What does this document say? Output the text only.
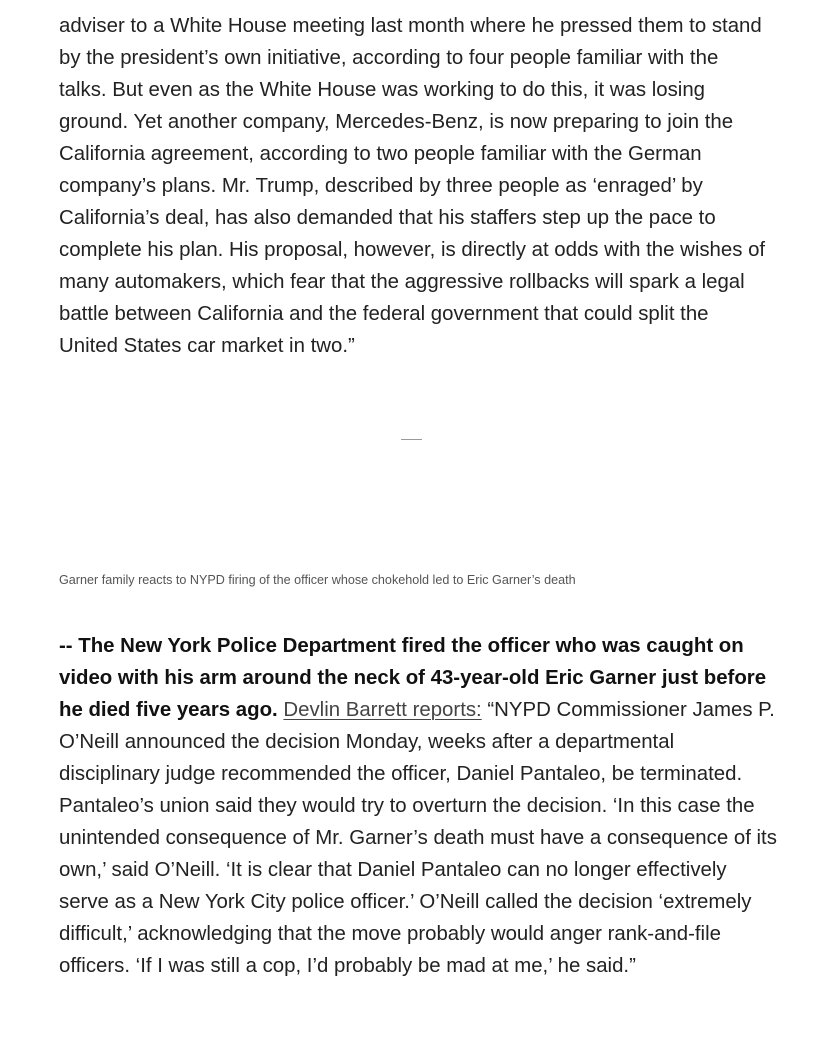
adviser to a White House meeting last month where he pressed them to stand by the president’s own initiative, according to four people familiar with the talks. But even as the White House was working to do this, it was losing ground. Yet another company, Mercedes-Benz, is now preparing to join the California agreement, according to two people familiar with the German company’s plans. Mr. Trump, described by three people as ‘enraged’ by California’s deal, has also demanded that his staffers step up the pace to complete his plan. His proposal, however, is directly at odds with the wishes of many automakers, which fear that the aggressive rollbacks will spark a legal battle between California and the federal government that could split the United States car market in two.”

Garner family reacts to NYPD firing of the officer whose chokehold led to Eric Garner’s death

-- The New York Police Department fired the officer who was caught on video with his arm around the neck of 43-year-old Eric Garner just before he died five years ago. Devlin Barrett reports: “NYPD Commissioner James P. O’Neill announced the decision Monday, weeks after a departmental disciplinary judge recommended the officer, Daniel Pantaleo, be terminated. Pantaleo’s union said they would try to overturn the decision. ‘In this case the unintended consequence of Mr. Garner’s death must have a consequence of its own,’ said O’Neill. ‘It is clear that Daniel Pantaleo can no longer effectively serve as a New York City police officer.’ O’Neill called the decision ‘extremely difficult,’ acknowledging that the move probably would anger rank-and-file officers. ‘If I was still a cop, I’d probably be mad at me,’ he said.”
